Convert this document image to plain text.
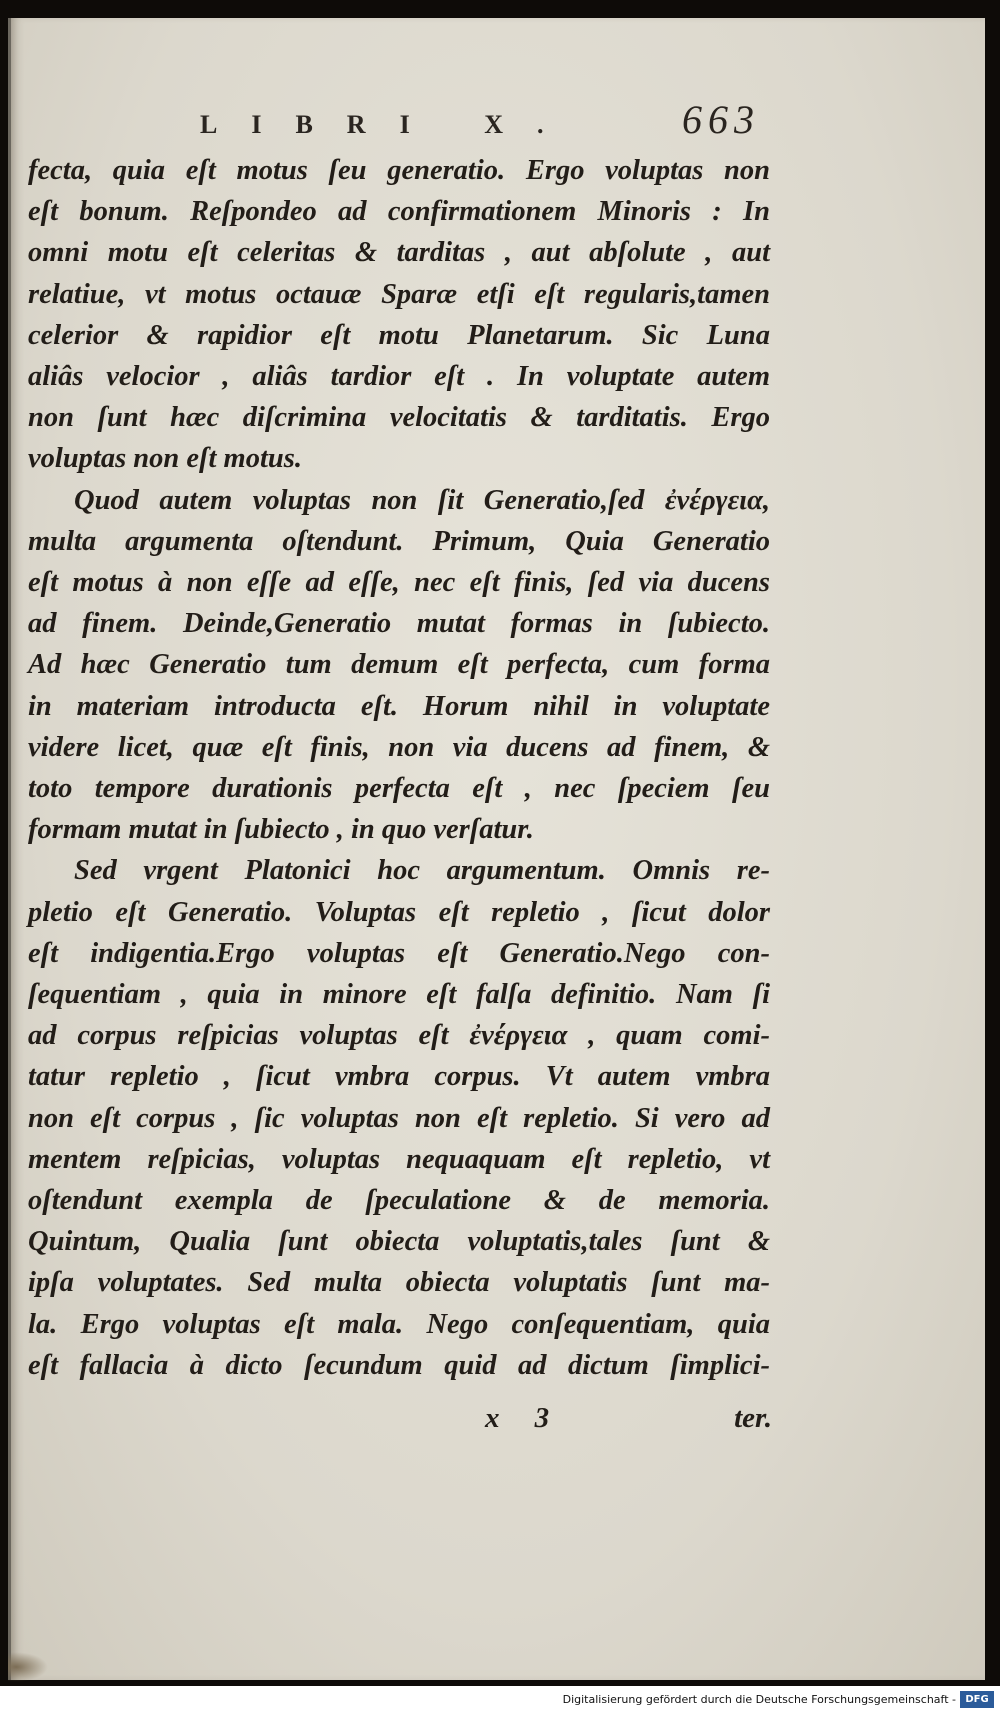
LIBRI X.	663
fecta, quia eſt motus ſeu generatio. Ergo voluptas non
eſt bonum. Reſpondeo ad confirmationem Minoris : In
omni motu eſt celeritas & tarditas , aut abſolute , aut
relatiue, vt motus octauæ Sparæ etſi eſt regularis,tamen
celerior & rapidior eſt motu Planetarum. Sic Luna
aliâs velocior , aliâs tardior eſt . In voluptate autem
non ſunt hæc diſcrimina velocitatis & tarditatis. Ergo
voluptas non eſt motus.
Quod autem voluptas non ſit Generatio,ſed ἐνέργεια,
multa argumenta oſtendunt. Primum, Quia Generatio
eſt motus à non eſſe ad eſſe, nec eſt finis, ſed via ducens
ad finem. Deinde,Generatio mutat formas in ſubiecto.
Ad hæc Generatio tum demum eſt perfecta, cum forma
in materiam introducta eſt. Horum nihil in voluptate
videre licet, quæ eſt finis, non via ducens ad finem, &
toto tempore durationis perfecta eſt , nec ſpeciem ſeu
formam mutat in ſubiecto , in quo verſatur.
Sed vrgent Platonici hoc argumentum. Omnis re-
pletio eſt Generatio. Voluptas eſt repletio , ſicut dolor
eſt indigentia.Ergo voluptas eſt Generatio.Nego con-
ſequentiam , quia in minore eſt falſa definitio. Nam ſi
ad corpus reſpicias voluptas eſt ἐνέργεια , quam comi-
tatur repletio , ſicut vmbra corpus. Vt autem vmbra
non eſt corpus , ſic voluptas non eſt repletio. Si vero ad
mentem reſpicias, voluptas nequaquam eſt repletio, vt
oſtendunt exempla de ſpeculatione & de memoria.
Quintum, Qualia ſunt obiecta voluptatis,tales ſunt &
ipſa voluptates. Sed multa obiecta voluptatis ſunt ma-
la. Ergo voluptas eſt mala. Nego conſequentiam, quia
eſt fallacia à dicto ſecundum quid ad dictum ſimplici-
x 3	ter.
Digitalisierung gefördert durch die Deutsche Forschungsgemeinschaft - DFG
